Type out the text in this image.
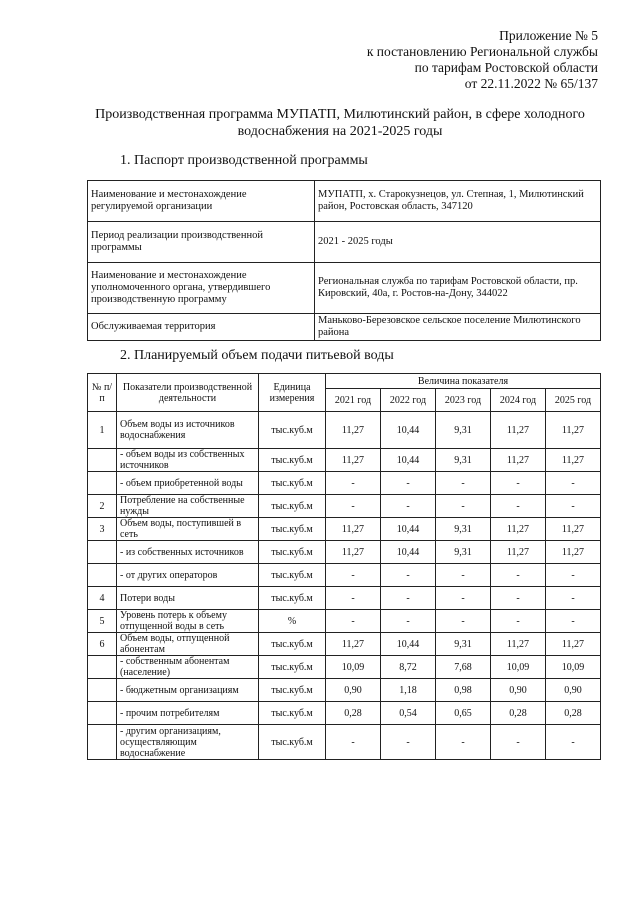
Приложение № 5
к постановлению Региональной службы
по тарифам Ростовской области
от 22.11.2022 № 65/137
Производственная программа МУПАТП, Милютинский район, в сфере холодного
водоснабжения на 2021-2025 годы
1. Паспорт производственной программы
Наименование и местонахождение регулируемой организации	МУПАТП, х. Старокузнецов, ул. Степная, 1, Милютинский район, Ростовская область, 347120
Период реализации производственной программы	2021 - 2025 годы
Наименование и местонахождение уполномоченного органа, утвердившего производственную программу	Региональная служба по тарифам Ростовской области, пр. Кировский, 40а, г. Ростов-на-Дону, 344022
Обслуживаемая территория	Маньково-Березовское сельское поселение Милютинского района
2. Планируемый объем подачи питьевой воды
№ п/п	Показатели производственной деятельности	Единица измерения	Величина показателя				
			2021 год	2022 год	2023 год	2024 год	2025 год
1	Объем воды из источников водоснабжения	тыс.куб.м	11,27	10,44	9,31	11,27	11,27
	- объем воды из собственных источников	тыс.куб.м	11,27	10,44	9,31	11,27	11,27
	- объем приобретенной воды	тыс.куб.м	-	-	-	-	-
2	Потребление на собственные нужды	тыс.куб.м	-	-	-	-	-
3	Объем воды, поступившей в сеть	тыс.куб.м	11,27	10,44	9,31	11,27	11,27
	- из собственных источников	тыс.куб.м	11,27	10,44	9,31	11,27	11,27
	- от других операторов	тыс.куб.м	-	-	-	-	-
4	Потери воды	тыс.куб.м	-	-	-	-	-
5	Уровень потерь к объему отпущенной воды в сеть	%	-	-	-	-	-
6	Объем воды, отпущенной абонентам	тыс.куб.м	11,27	10,44	9,31	11,27	11,27
	- собственным абонентам (население)	тыс.куб.м	10,09	8,72	7,68	10,09	10,09
	- бюджетным организациям	тыс.куб.м	0,90	1,18	0,98	0,90	0,90
	- прочим потребителям	тыс.куб.м	0,28	0,54	0,65	0,28	0,28
	- другим организациям, осуществляющим водоснабжение	тыс.куб.м	-	-	-	-	-
